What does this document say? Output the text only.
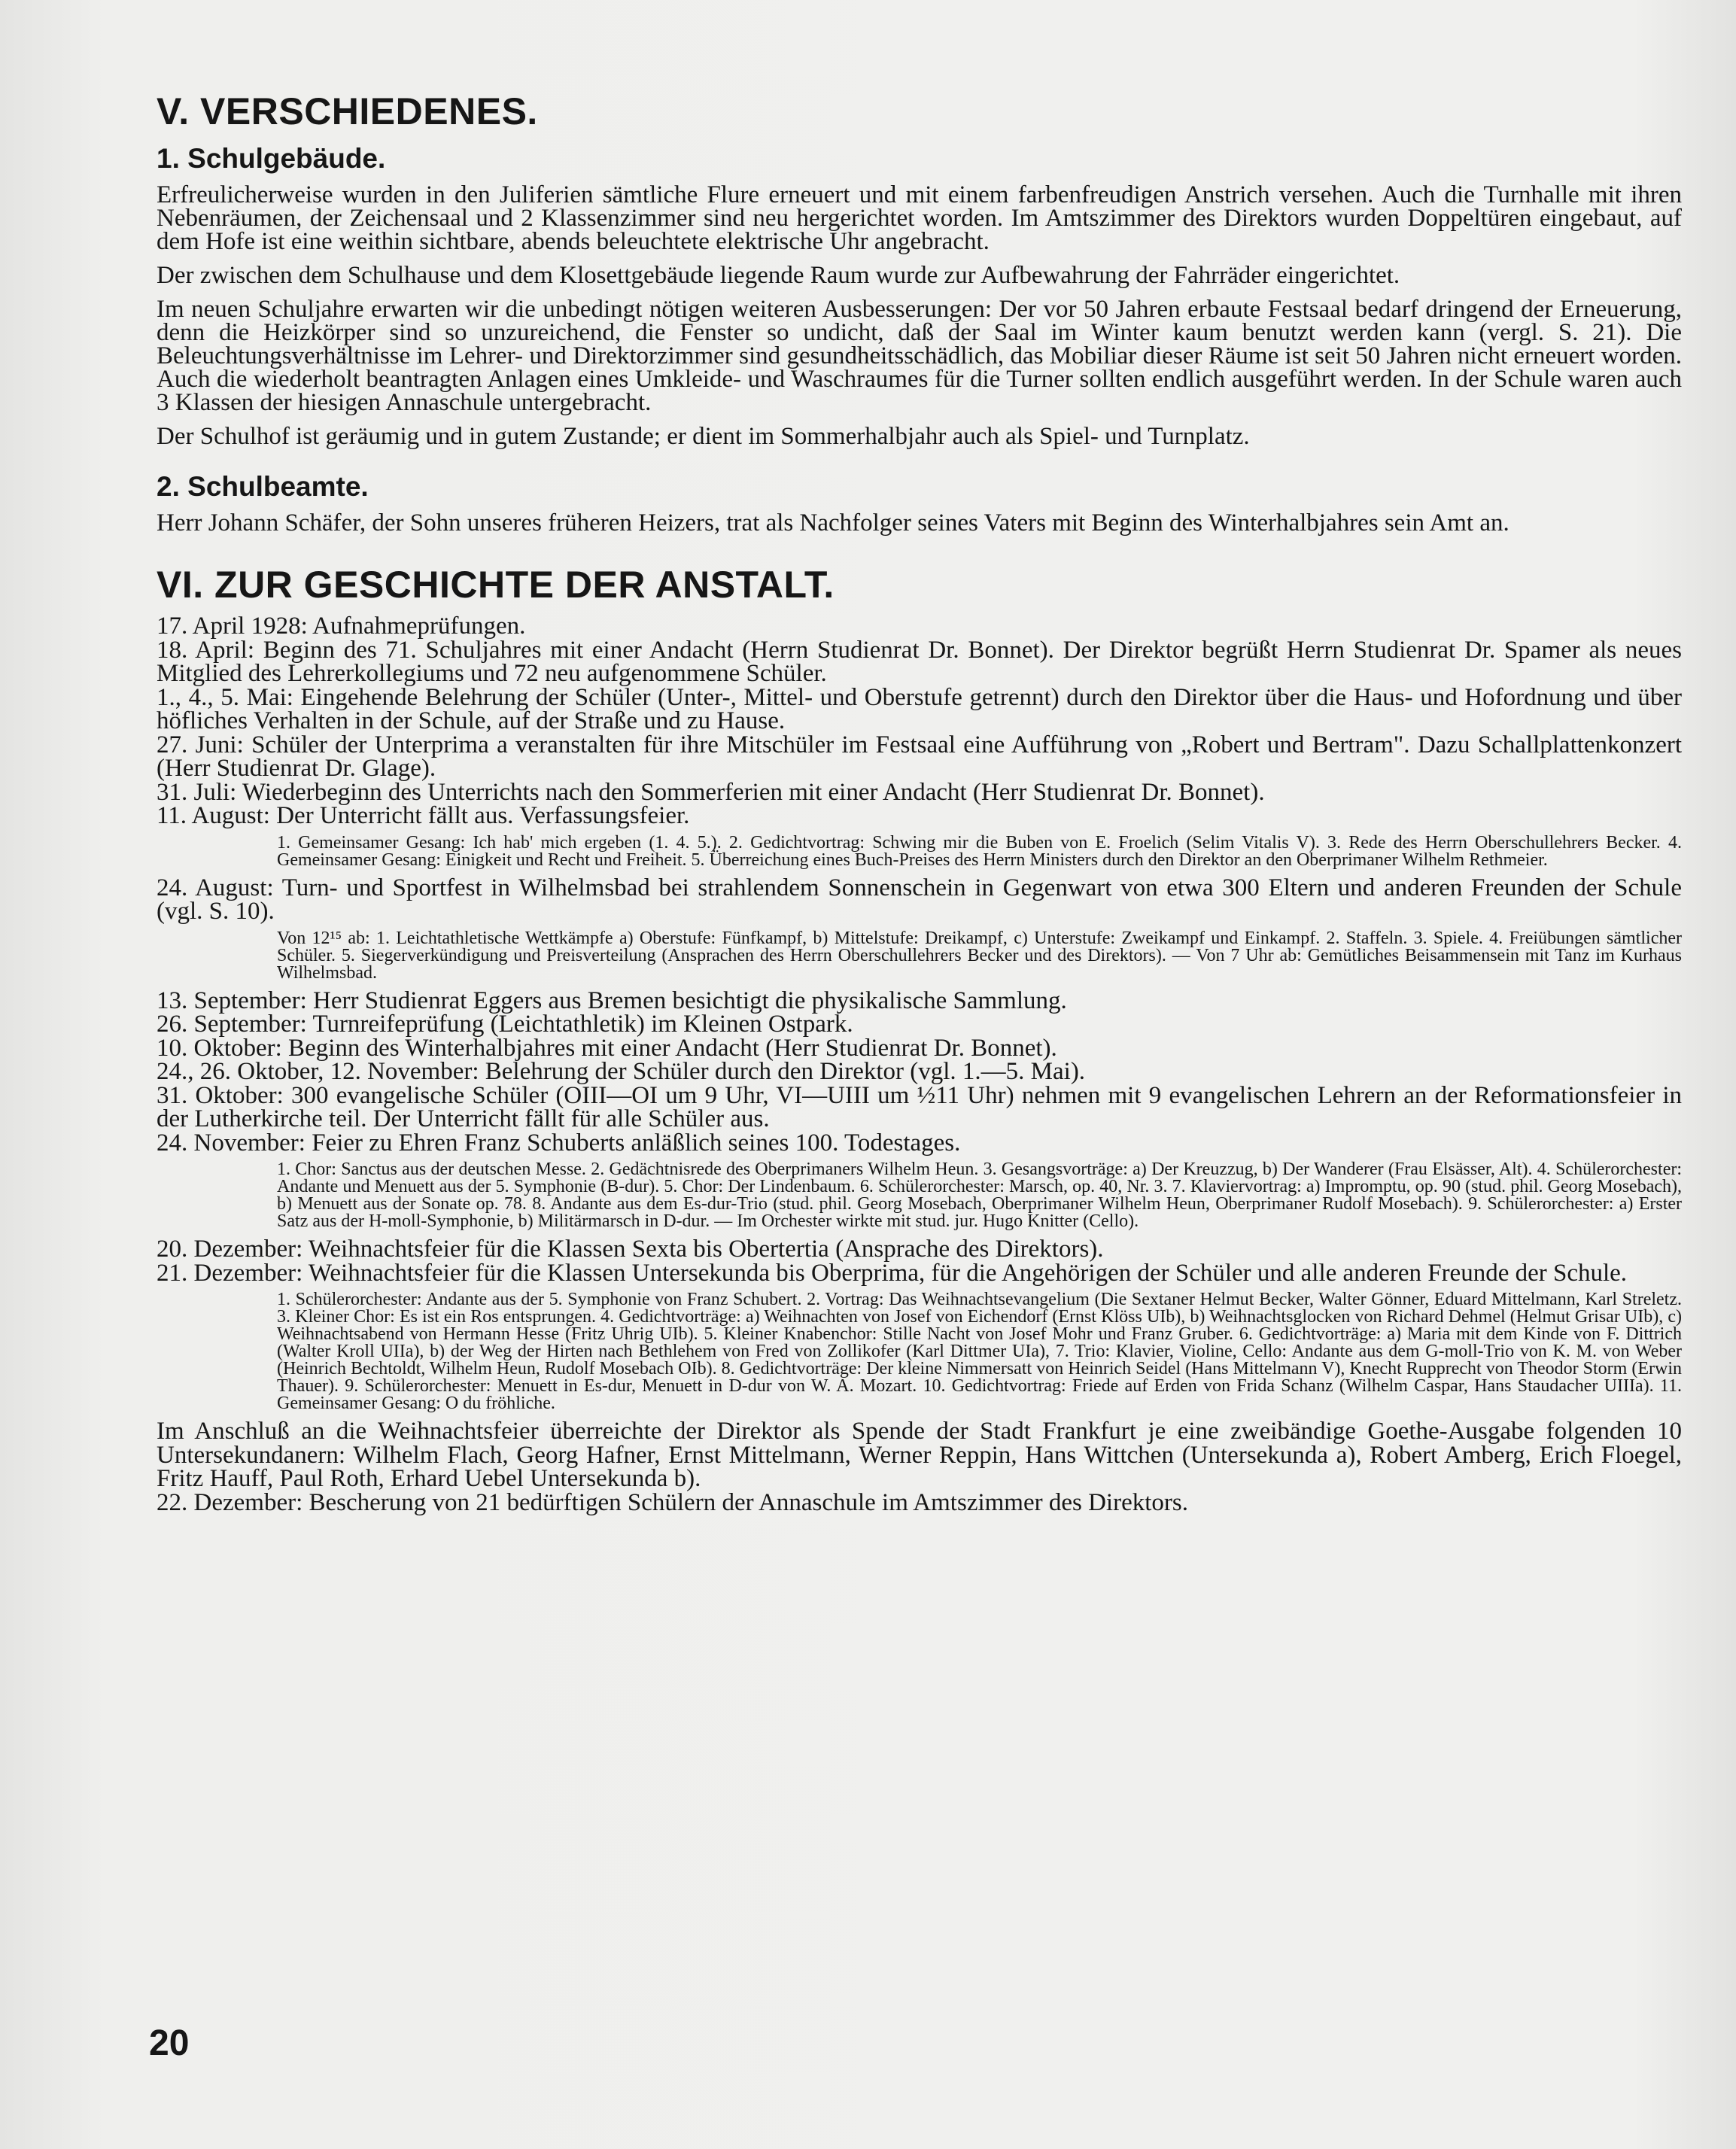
V. VERSCHIEDENES.
1. Schulgebäude.

Erfreulicherweise wurden in den Juliferien sämtliche Flure erneuert und mit einem farbenfreudigen Anstrich versehen. Auch die Turnhalle mit ihren Nebenräumen, der Zeichensaal und 2 Klassenzimmer sind neu hergerichtet worden. Im Amtszimmer des Direktors wurden Doppeltüren eingebaut, auf dem Hofe ist eine weithin sichtbare, abends beleuchtete elektrische Uhr angebracht.

Der zwischen dem Schulhause und dem Klosettgebäude liegende Raum wurde zur Aufbewahrung der Fahrräder eingerichtet.

Im neuen Schuljahre erwarten wir die unbedingt nötigen weiteren Ausbesserungen: Der vor 50 Jahren erbaute Festsaal bedarf dringend der Erneuerung, denn die Heizkörper sind so unzureichend, die Fenster so undicht, daß der Saal im Winter kaum benutzt werden kann (vergl. S. 21). Die Beleuchtungsverhältnisse im Lehrer- und Direktorzimmer sind gesundheitsschädlich, das Mobiliar dieser Räume ist seit 50 Jahren nicht erneuert worden. Auch die wiederholt beantragten Anlagen eines Umkleide- und Waschraumes für die Turner sollten endlich ausgeführt werden. In der Schule waren auch 3 Klassen der hiesigen Annaschule untergebracht.

Der Schulhof ist geräumig und in gutem Zustande; er dient im Sommerhalbjahr auch als Spiel- und Turnplatz.

2. Schulbeamte.

Herr Johann Schäfer, der Sohn unseres früheren Heizers, trat als Nachfolger seines Vaters mit Beginn des Winterhalbjahres sein Amt an.

VI. ZUR GESCHICHTE DER ANSTALT.

17. April 1928: Aufnahmeprüfungen.

18. April: Beginn des 71. Schuljahres mit einer Andacht (Herrn Studienrat Dr. Bonnet). Der Direktor begrüßt Herrn Studienrat Dr. Spamer als neues Mitglied des Lehrerkollegiums und 72 neu aufgenommene Schüler.

1., 4., 5. Mai: Eingehende Belehrung der Schüler (Unter-, Mittel- und Oberstufe getrennt) durch den Direktor über die Haus- und Hofordnung und über höfliches Verhalten in der Schule, auf der Straße und zu Hause.

27. Juni: Schüler der Unterprima a veranstalten für ihre Mitschüler im Festsaal eine Aufführung von „Robert und Bertram". Dazu Schallplattenkonzert (Herr Studienrat Dr. Glage).

31. Juli: Wiederbeginn des Unterrichts nach den Sommerferien mit einer Andacht (Herr Studienrat Dr. Bonnet).

11. August: Der Unterricht fällt aus. Verfassungsfeier.

1. Gemeinsamer Gesang: Ich hab' mich ergeben (1. 4. 5.). 2. Gedichtvortrag: Schwing mir die Buben von E. Froelich (Selim Vitalis V). 3. Rede des Herrn Oberschullehrers Becker. 4. Gemeinsamer Gesang: Einigkeit und Recht und Freiheit. 5. Überreichung eines Buch-Preises des Herrn Ministers durch den Direktor an den Oberprimaner Wilhelm Rethmeier.

24. August: Turn- und Sportfest in Wilhelmsbad bei strahlendem Sonnenschein in Gegenwart von etwa 300 Eltern und anderen Freunden der Schule (vgl. S. 10).

Von 12¹⁵ ab: 1. Leichtathletische Wettkämpfe a) Oberstufe: Fünfkampf, b) Mittelstufe: Dreikampf, c) Unterstufe: Zweikampf und Einkampf. 2. Staffeln. 3. Spiele. 4. Freiübungen sämtlicher Schüler. 5. Siegerverkündigung und Preisverteilung (Ansprachen des Herrn Oberschullehrers Becker und des Direktors). — Von 7 Uhr ab: Gemütliches Beisammensein mit Tanz im Kurhaus Wilhelmsbad.

13. September: Herr Studienrat Eggers aus Bremen besichtigt die physikalische Sammlung.

26. September: Turnreifeprüfung (Leichtathletik) im Kleinen Ostpark.

10. Oktober: Beginn des Winterhalbjahres mit einer Andacht (Herr Studienrat Dr. Bonnet).

24., 26. Oktober, 12. November: Belehrung der Schüler durch den Direktor (vgl. 1.—5. Mai).

31. Oktober: 300 evangelische Schüler (OIII—OI um 9 Uhr, VI—UIII um ½11 Uhr) nehmen mit 9 evangelischen Lehrern an der Reformationsfeier in der Lutherkirche teil. Der Unterricht fällt für alle Schüler aus.

24. November: Feier zu Ehren Franz Schuberts anläßlich seines 100. Todestages.

1. Chor: Sanctus aus der deutschen Messe. 2. Gedächtnisrede des Oberprimaners Wilhelm Heun. 3. Gesangsvorträge: a) Der Kreuzzug, b) Der Wanderer (Frau Elsässer, Alt). 4. Schülerorchester: Andante und Menuett aus der 5. Symphonie (B-dur). 5. Chor: Der Lindenbaum. 6. Schülerorchester: Marsch, op. 40, Nr. 3. 7. Klaviervortrag: a) Impromptu, op. 90 (stud. phil. Georg Mosebach), b) Menuett aus der Sonate op. 78. 8. Andante aus dem Es-dur-Trio (stud. phil. Georg Mosebach, Oberprimaner Wilhelm Heun, Oberprimaner Rudolf Mosebach). 9. Schülerorchester: a) Erster Satz aus der H-moll-Symphonie, b) Militärmarsch in D-dur. — Im Orchester wirkte mit stud. jur. Hugo Knitter (Cello).

20. Dezember: Weihnachtsfeier für die Klassen Sexta bis Obertertia (Ansprache des Direktors).

21. Dezember: Weihnachtsfeier für die Klassen Untersekunda bis Oberprima, für die Angehörigen der Schüler und alle anderen Freunde der Schule.

1. Schülerorchester: Andante aus der 5. Symphonie von Franz Schubert. 2. Vortrag: Das Weihnachtsevangelium (Die Sextaner Helmut Becker, Walter Gönner, Eduard Mittelmann, Karl Streletz. 3. Kleiner Chor: Es ist ein Ros entsprungen. 4. Gedichtvorträge: a) Weihnachten von Josef von Eichendorf (Ernst Klöss UIb), b) Weihnachtsglocken von Richard Dehmel (Helmut Grisar UIb), c) Weihnachtsabend von Hermann Hesse (Fritz Uhrig UIb). 5. Kleiner Knabenchor: Stille Nacht von Josef Mohr und Franz Gruber. 6. Gedichtvorträge: a) Maria mit dem Kinde von F. Dittrich (Walter Kroll UIIa), b) der Weg der Hirten nach Bethlehem von Fred von Zollikofer (Karl Dittmer UIa), 7. Trio: Klavier, Violine, Cello: Andante aus dem G-moll-Trio von K. M. von Weber (Heinrich Bechtoldt, Wilhelm Heun, Rudolf Mosebach OIb). 8. Gedichtvorträge: Der kleine Nimmersatt von Heinrich Seidel (Hans Mittelmann V), Knecht Rupprecht von Theodor Storm (Erwin Thauer). 9. Schülerorchester: Menuett in Es-dur, Menuett in D-dur von W. A. Mozart. 10. Gedichtvortrag: Friede auf Erden von Frida Schanz (Wilhelm Caspar, Hans Staudacher UIIIa). 11. Gemeinsamer Gesang: O du fröhliche.

Im Anschluß an die Weihnachtsfeier überreichte der Direktor als Spende der Stadt Frankfurt je eine zweibändige Goethe-Ausgabe folgenden 10 Untersekundanern: Wilhelm Flach, Georg Hafner, Ernst Mittelmann, Werner Reppin, Hans Wittchen (Untersekunda a), Robert Amberg, Erich Floegel, Fritz Hauff, Paul Roth, Erhard Uebel Untersekunda b).

22. Dezember: Bescherung von 21 bedürftigen Schülern der Annaschule im Amtszimmer des Direktors.

20
